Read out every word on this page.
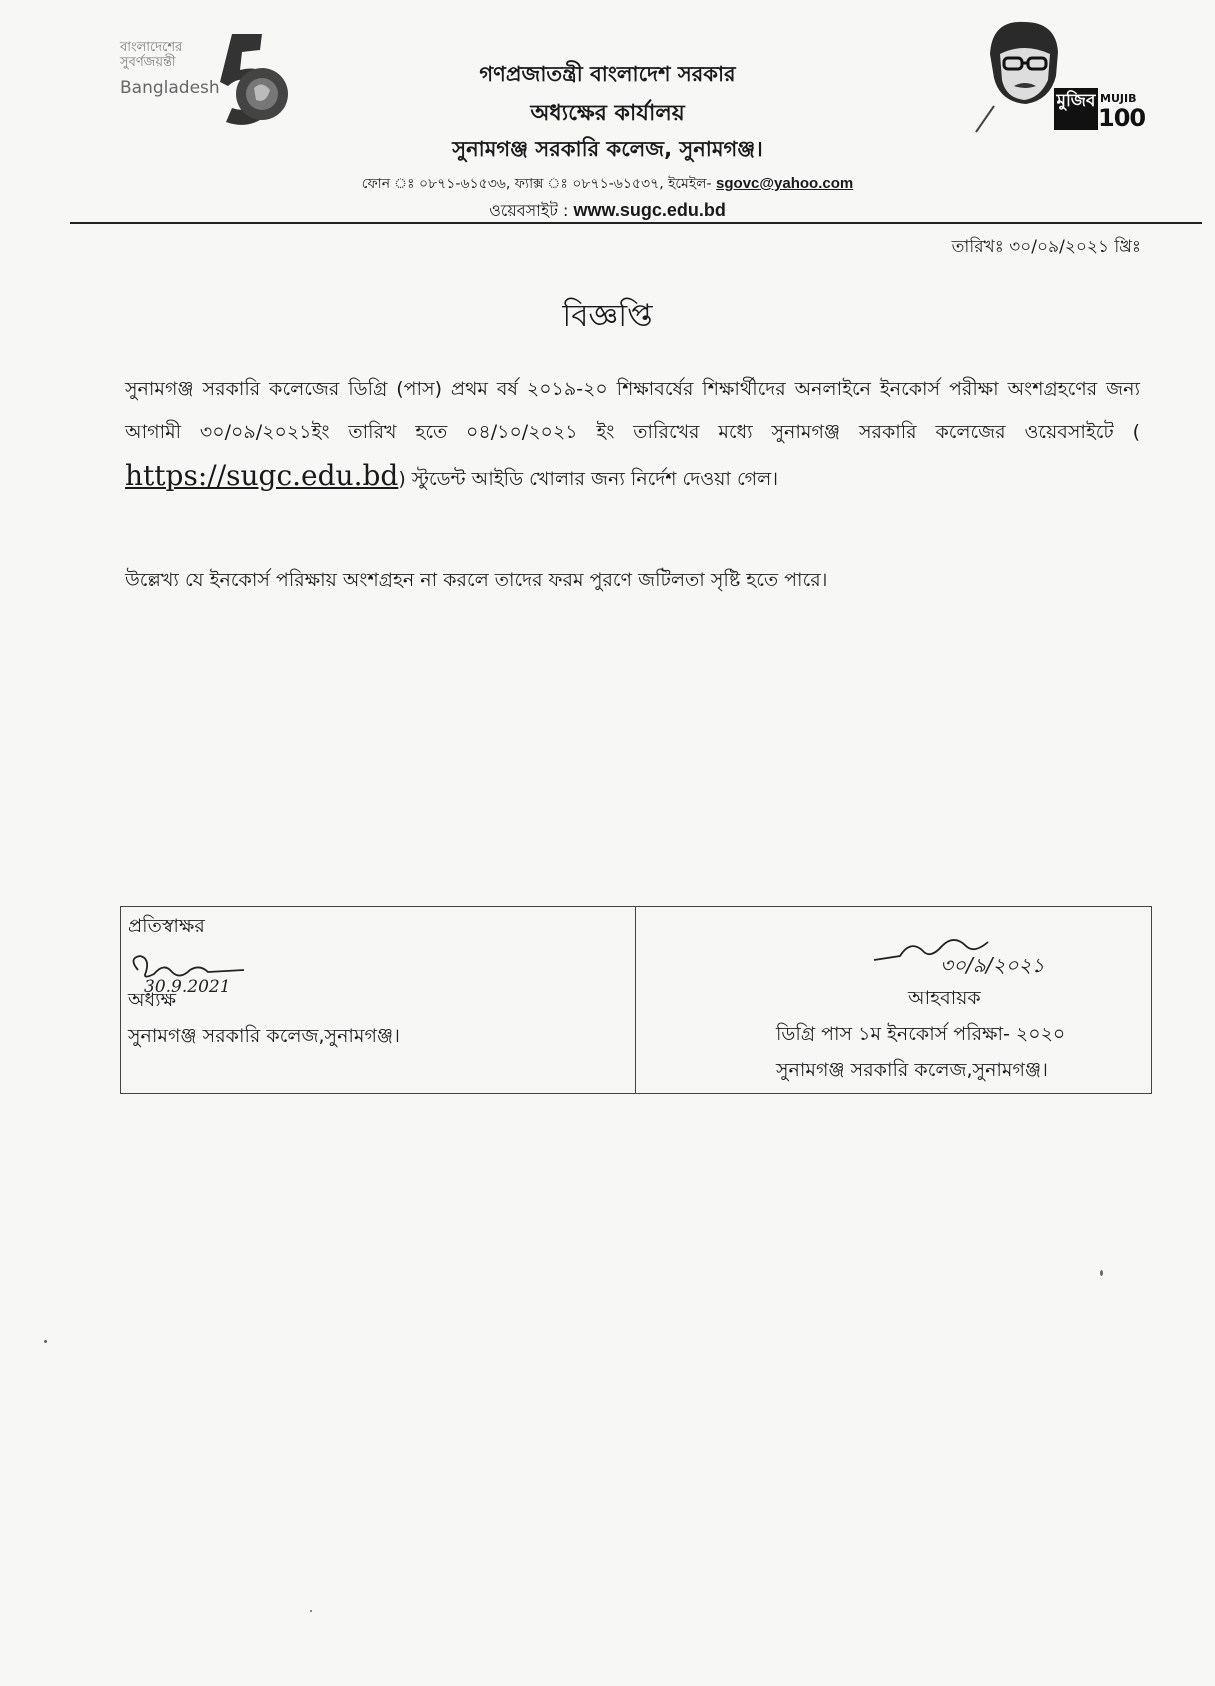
বাংলাদেশের
সুবর্ণজয়ন্তী
Bangladesh
মুজিব MUJIB
100
গণপ্রজাতন্ত্রী বাংলাদেশ সরকার
অধ্যক্ষের কার্যালয়
সুনামগঞ্জ সরকারি কলেজ, সুনামগঞ্জ।
ফোন ঃ ০৮৭১-৬১৫৩৬, ফ্যাক্স ঃ ০৮৭১-৬১৫৩৭, ইমেইল- sgovc@yahoo.com
ওয়েবসাইট : www.sugc.edu.bd
তারিখঃ ৩০/০৯/২০২১ খ্রিঃ
বিজ্ঞপ্তি
সুনামগঞ্জ সরকারি কলেজের ডিগ্রি (পাস) প্রথম বর্ষ ২০১৯-২০ শিক্ষাবর্ষের শিক্ষার্থীদের অনলাইনে ইনকোর্স পরীক্ষা অংশগ্রহণের জন্য আগামী ৩০/০৯/২০২১ইং তারিখ হতে ০৪/১০/২০২১ ইং তারিখের মধ্যে সুনামগঞ্জ সরকারি কলেজের ওয়েবসাইটে ( https://sugc.edu.bd) স্টুডেন্ট আইডি খোলার জন্য নির্দেশ দেওয়া গেল।
উল্লেখ্য যে ইনকোর্স পরিক্ষায় অংশগ্রহন না করলে তাদের ফরম পুরণে জটিলতা সৃষ্টি হতে পারে।
প্রতিস্বাক্ষর
30.9.2021
অধ্যক্ষ
সুনামগঞ্জ সরকারি কলেজ,সুনামগঞ্জ।
৩০/৯/২০২১
আহবায়ক
ডিগ্রি পাস ১ম ইনকোর্স পরিক্ষা- ২০২০
সুনামগঞ্জ সরকারি কলেজ,সুনামগঞ্জ।
